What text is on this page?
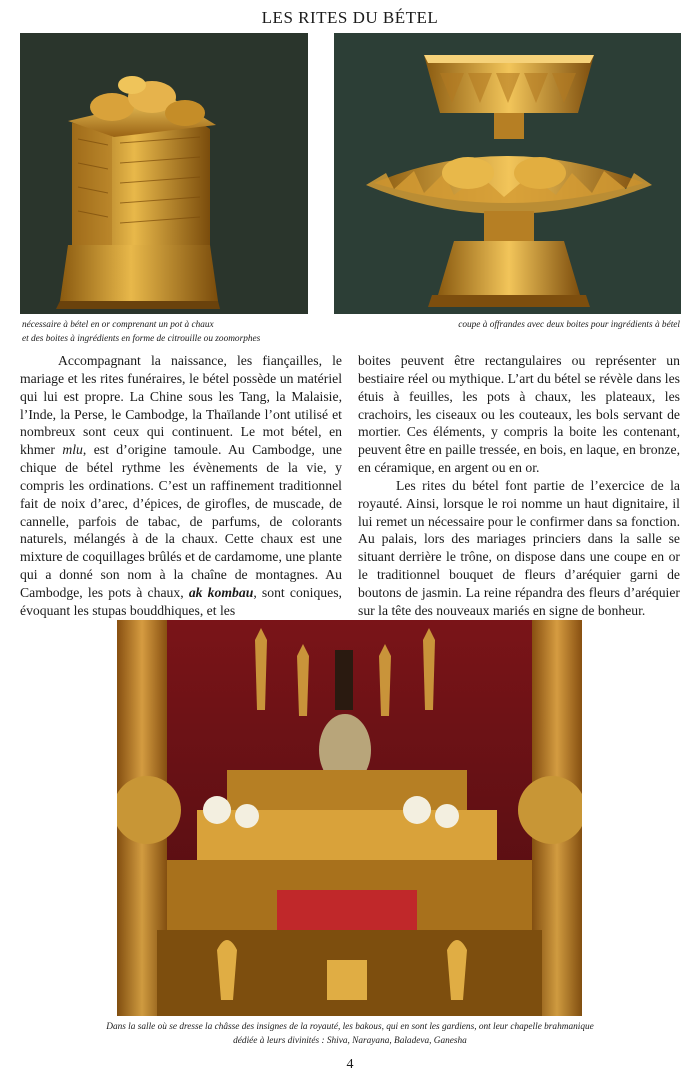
LES RITES DU BÉTEL
nécessaire à bétel en or comprenant un pot à chaux
et des boites à ingrédients en forme de citrouille ou zoomorphes
coupe à offrandes avec deux boites pour ingrédients à bétel

Accompagnant la naissance, les fiançailles, le mariage et les rites funéraires, le bétel possède un matériel qui lui est propre. La Chine sous les Tang, la Malaisie, l’Inde, la Perse, le Cambodge, la Thaïlande l’ont utilisé et nombreux sont ceux qui continuent. Le mot bétel, en khmer mlu, est d’origine tamoule. Au Cambodge, une chique de bétel rythme les évènements de la vie, y compris les ordinations. C’est un raffinement traditionnel fait de noix d’arec, d’épices, de girofles, de muscade, de cannelle, parfois de tabac, de parfums, de colorants naturels, mélangés à de la chaux. Cette chaux est une mixture de coquillages brûlés et de cardamome, une plante qui a donné son nom à la chaîne de montagnes. Au Cambodge, les pots à chaux, ak kombau, sont coniques, évoquant les stupas bouddhiques, et les

boites peuvent être rectangulaires ou représenter un bestiaire réel ou mythique. L’art du bétel se révèle dans les étuis à feuilles, les pots à chaux, les plateaux, les crachoirs, les ciseaux ou les couteaux, les bols servant de mortier. Ces éléments, y compris la boite les contenant, peuvent être en paille tressée, en bois, en laque, en bronze, en céramique, en argent ou en or.

Les rites du bétel font partie de l’exercice de la royauté. Ainsi, lorsque le roi nomme un haut dignitaire, il lui remet un nécessaire pour le confirmer dans sa fonction. Au palais, lors des mariages princiers dans la salle se situant derrière le trône, on dispose dans une coupe en or le traditionnel bouquet de fleurs d’aréquier garni de boutons de jasmin. La reine répandra des fleurs d’aréquier sur la tête des nouveaux mariés en signe de bonheur.

Dans la salle où se dresse la châsse des insignes de la royauté, les bakous, qui en sont les gardiens, ont leur chapelle brahmanique
dédiée à leurs divinités : Shiva, Narayana, Baladeva, Ganesha
4
